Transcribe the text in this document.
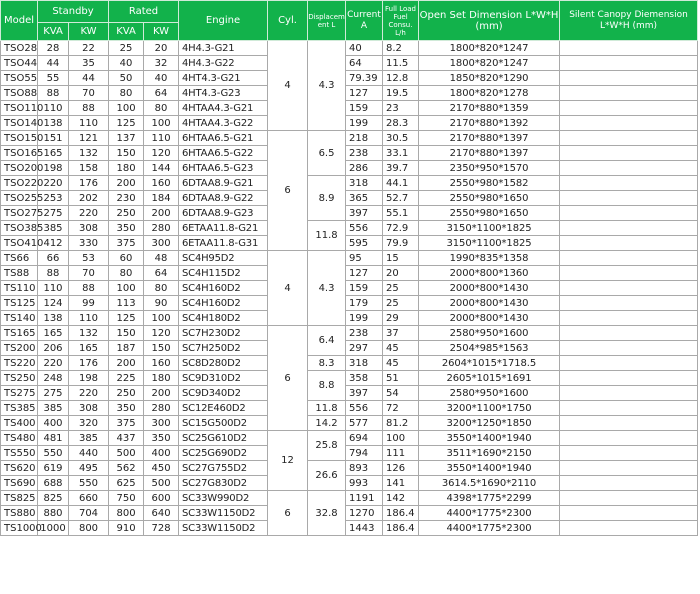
Model	Standby		Rated		Engine	Cyl.	Displacem ent L	Current A	Full Load Fuel Consu. L/h	Open Set Dimension L*W*H (mm)	Silent Canopy Diemension L*W*H (mm)
	KVA	KW	KVA	KW							
TSO28	28	22	25	20	4H4.3-G21	4	4.3	40	8.2	1800*820*1247	
TSO44	44	35	40	32	4H4.3-G22			64	11.5	1800*820*1247	
TSO55	55	44	50	40	4HT4.3-G21			79.39	12.8	1850*820*1290	
TSO88	88	70	80	64	4HT4.3-G23			127	19.5	1800*820*1278	
TSO110	110	88	100	80	4HTAA4.3-G21			159	23	2170*880*1359	
TSO140	138	110	125	100	4HTAA4.3-G22			199	28.3	2170*880*1392	
TSO150	151	121	137	110	6HTAA6.5-G21	6	6.5	218	30.5	2170*880*1397	
TSO165	165	132	150	120	6HTAA6.5-G22			238	33.1	2170*880*1397	
TSO200	198	158	180	144	6HTAA6.5-G23			286	39.7	2350*950*1570	
TSO220	220	176	200	160	6DTAA8.9-G21		8.9	318	44.1	2550*980*1582	
TSO255	253	202	230	184	6DTAA8.9-G22			365	52.7	2550*980*1650	
TSO275	275	220	250	200	6DTAA8.9-G23			397	55.1	2550*980*1650	
TSO385	385	308	350	280	6ETAA11.8-G21		11.8	556	72.9	3150*1100*1825	
TSO410	412	330	375	300	6ETAA11.8-G31			595	79.9	3150*1100*1825	
TS66	66	53	60	48	SC4H95D2	4	4.3	95	15	1990*835*1358	
TS88	88	70	80	64	SC4H115D2			127	20	2000*800*1360	
TS110	110	88	100	80	SC4H160D2			159	25	2000*800*1430	
TS125	124	99	113	90	SC4H160D2			179	25	2000*800*1430	
TS140	138	110	125	100	SC4H180D2			199	29	2000*800*1430	
TS165	165	132	150	120	SC7H230D2	6	6.4	238	37	2580*950*1600	
TS200	206	165	187	150	SC7H250D2			297	45	2504*985*1563	
TS220	220	176	200	160	SC8D280D2		8.3	318	45	2604*1015*1718.5	
TS250	248	198	225	180	SC9D310D2		8.8	358	51	2605*1015*1691	
TS275	275	220	250	200	SC9D340D2			397	54	2580*950*1600	
TS385	385	308	350	280	SC12E460D2		11.8	556	72	3200*1100*1750	
TS400	400	320	375	300	SC15G500D2		14.2	577	81.2	3200*1250*1850	
TS480	481	385	437	350	SC25G610D2	12	25.8	694	100	3550*1400*1940	
TS550	550	440	500	400	SC25G690D2			794	111	3511*1690*2150	
TS620	619	495	562	450	SC27G755D2		26.6	893	126	3550*1400*1940	
TS690	688	550	625	500	SC27G830D2			993	141	3614.5*1690*2110	
TS825	825	660	750	600	SC33W990D2	6	32.8	1191	142	4398*1775*2299	
TS880	880	704	800	640	SC33W1150D2			1270	186.4	4400*1775*2300	
TS1000	1000	800	910	728	SC33W1150D2			1443	186.4	4400*1775*2300	
